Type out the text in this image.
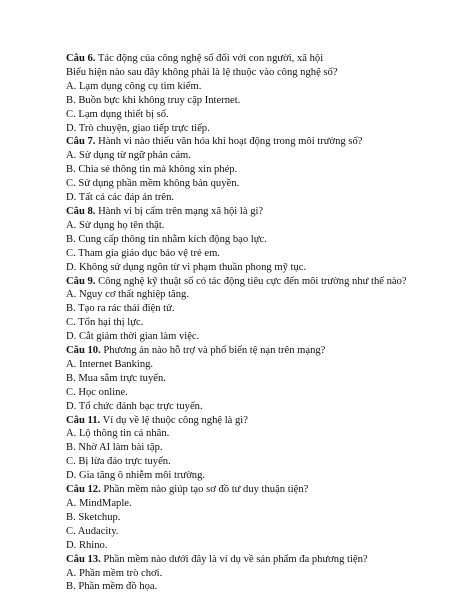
Câu 6. Tác động của công nghệ số đối với con người, xã hội
Biểu hiện nào sau đây không phải là lệ thuộc vào công nghệ số?
A. Lạm dụng công cụ tìm kiếm.
B. Buồn bực khi không truy cập Internet.
C. Lạm dụng thiết bị số.
D. Trò chuyện, giao tiếp trực tiếp.
Câu 7. Hành vi nào thiếu văn hóa khi hoạt động trong môi trường số?
A. Sử dụng từ ngữ phản cảm.
B. Chia sẻ thông tin mà không xin phép.
C. Sử dụng phần mềm không bản quyền.
D. Tất cả các đáp án trên.
Câu 8. Hành vi bị cấm trên mạng xã hội là gì?
A. Sử dụng họ tên thật.
B. Cung cấp thông tin nhằm kích động bạo lực.
C. Tham gia giáo dục bảo vệ trẻ em.
D. Không sử dụng ngôn từ vi phạm thuần phong mỹ tục.
Câu 9. Công nghệ kỹ thuật số có tác động tiêu cực đến môi trường như thế nào?
A. Nguy cơ thất nghiệp tăng.
B. Tạo ra rác thải điện tử.
C. Tổn hại thị lực.
D. Cắt giảm thời gian làm việc.
Câu 10. Phương án nào hỗ trợ và phổ biến tệ nạn trên mạng?
A. Internet Banking.
B. Mua sắm trực tuyến.
C. Học online.
D. Tổ chức đánh bạc trực tuyến.
Câu 11. Ví dụ về lệ thuộc công nghệ là gì?
A. Lộ thông tin cá nhân.
B. Nhờ AI làm bài tập.
C. Bị lừa đảo trực tuyến.
D. Gia tăng ô nhiễm môi trường.
Câu 12. Phần mềm nào giúp tạo sơ đồ tư duy thuận tiện?
A. MindMaple.
B. Sketchup.
C. Audacity.
D. Rhino.
Câu 13. Phần mềm nào dưới đây là ví dụ về sản phẩm đa phương tiện?
A. Phần mềm trò chơi.
B. Phần mềm đồ họa.
